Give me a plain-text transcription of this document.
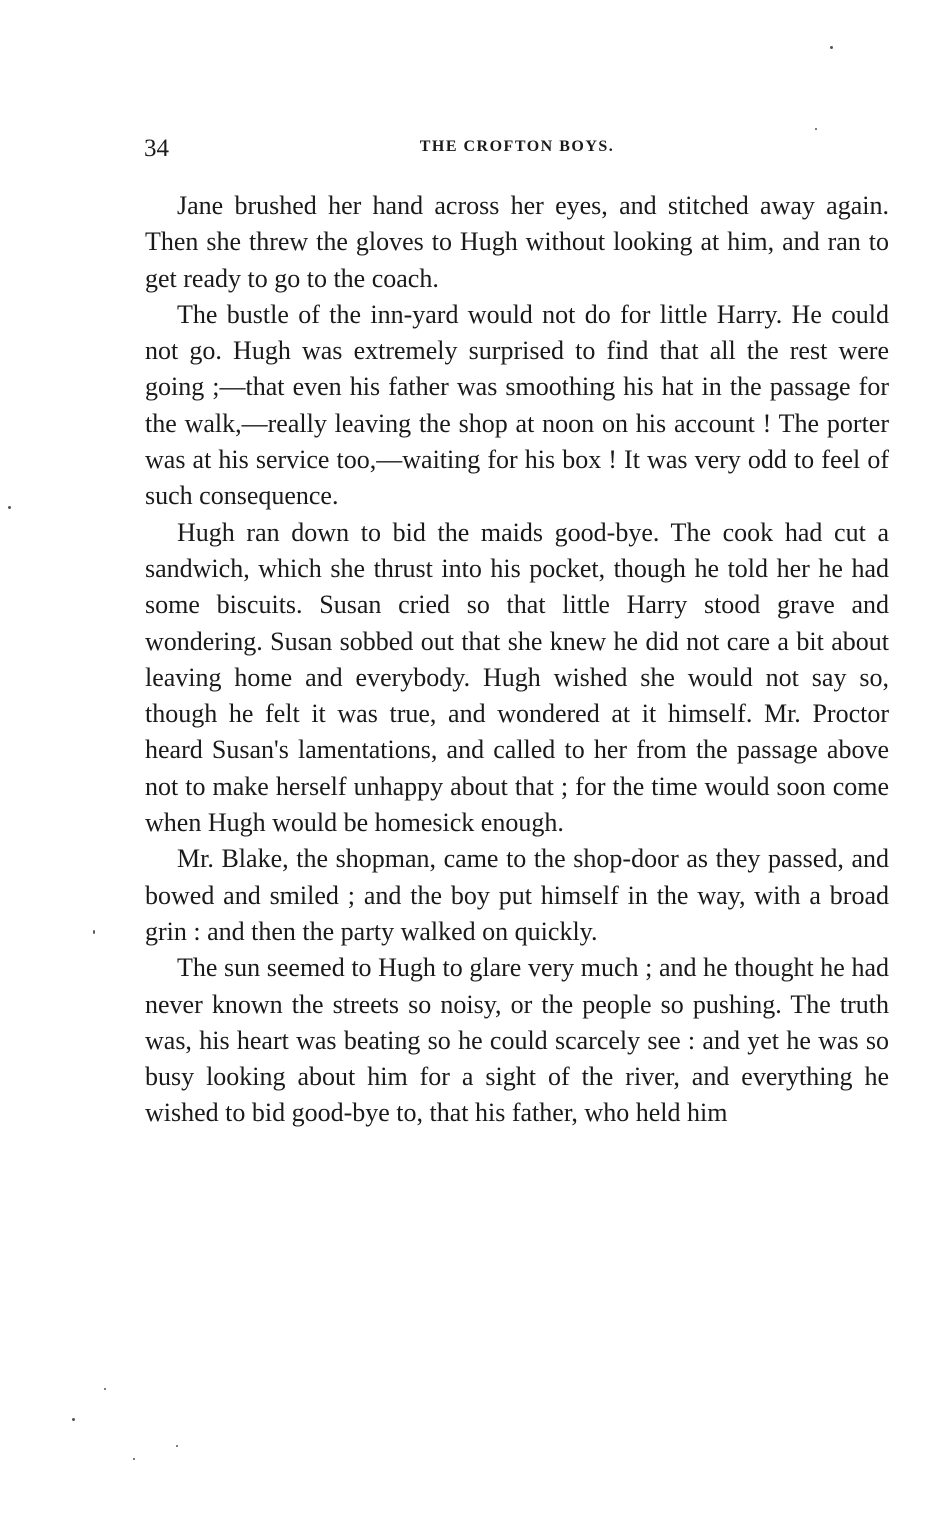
34	THE CROFTON BOYS.

Jane brushed her hand across her eyes, and stitched away again. Then she threw the gloves to Hugh without looking at him, and ran to get ready to go to the coach.

The bustle of the inn-yard would not do for little Harry. He could not go. Hugh was extremely surprised to find that all the rest were going ;—that even his father was smoothing his hat in the passage for the walk,—really leaving the shop at noon on his account ! The porter was at his service too,—waiting for his box ! It was very odd to feel of such consequence.

Hugh ran down to bid the maids good-bye. The cook had cut a sandwich, which she thrust into his pocket, though he told her he had some biscuits. Susan cried so that little Harry stood grave and wondering. Susan sobbed out that she knew he did not care a bit about leaving home and everybody. Hugh wished she would not say so, though he felt it was true, and wondered at it himself. Mr. Proctor heard Susan's lamentations, and called to her from the passage above not to make herself unhappy about that ; for the time would soon come when Hugh would be homesick enough.

Mr. Blake, the shopman, came to the shop-door as they passed, and bowed and smiled ; and the boy put himself in the way, with a broad grin : and then the party walked on quickly.

The sun seemed to Hugh to glare very much ; and he thought he had never known the streets so noisy, or the people so pushing. The truth was, his heart was beating so he could scarcely see : and yet he was so busy looking about him for a sight of the river, and everything he wished to bid good-bye to, that his father, who held him
